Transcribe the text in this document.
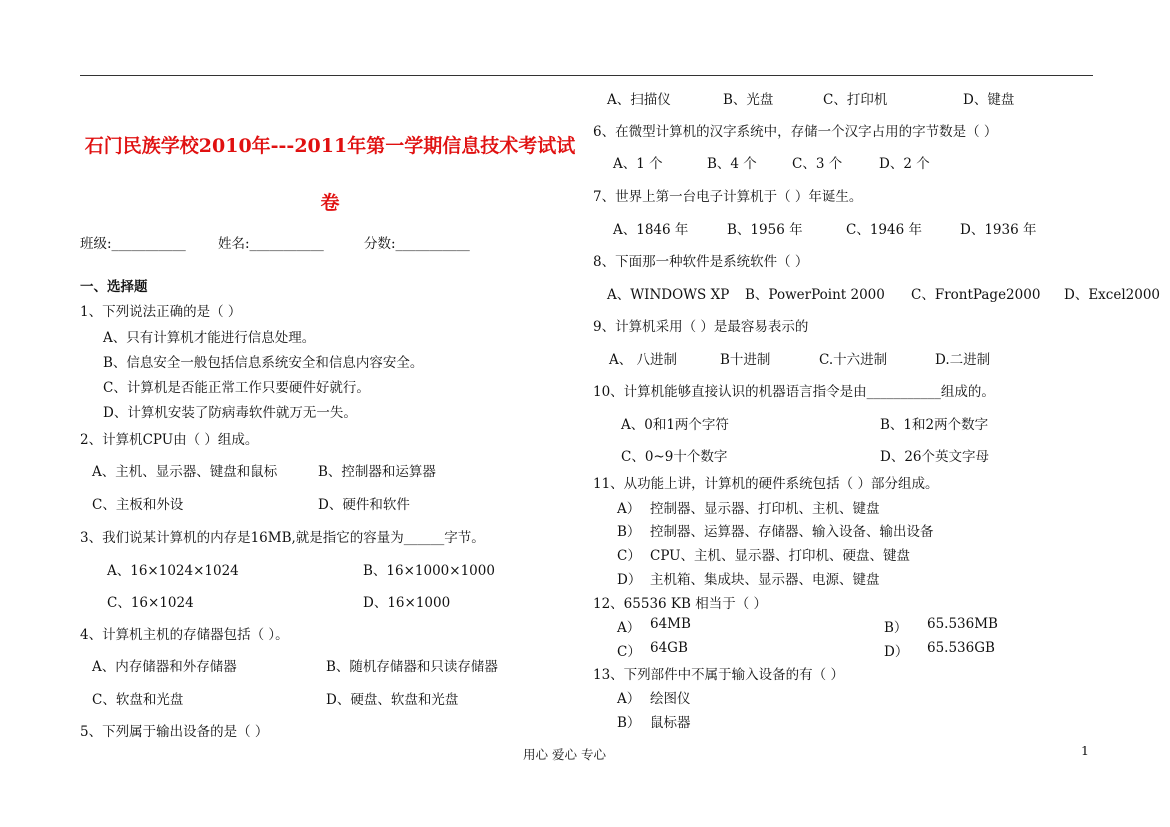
石门民族学校2010年---2011年第一学期信息技术考试试
卷
班级:___________ 姓名:___________	分数:___________
一、选择题
1、下列说法正确的是（ ）
A、只有计算机才能进行信息处理。
B、信息安全一般包括信息系统安全和信息内容安全。
C、计算机是否能正常工作只要硬件好就行。
D、计算机安装了防病毒软件就万无一失。
2、计算机CPU由（ ）组成。
A、主机、显示器、键盘和鼠标	B、控制器和运算器
C、主板和外设	D、硬件和软件
3、我们说某计算机的内存是16MB,就是指它的容量为______字节。
A、16×1024×1024	B、16×1000×1000
C、16×1024	D、16×1000
4、计算机主机的存储器包括（ ）。
A、内存储器和外存储器	B、随机存储器和只读存储器
C、软盘和光盘	D、硬盘、软盘和光盘
5、下列属于输出设备的是（ ）
A、扫描仪	B、光盘	C、打印机	D、键盘
6、在微型计算机的汉字系统中，存储一个汉字占用的字节数是（ ）
A、1 个	B、4 个	C、3 个	D、2 个
7、世界上第一台电子计算机于（ ）年诞生。
A、1846 年	B、1956 年	C、1946 年	D、1936 年
8、下面那一种软件是系统软件（ ）
A、WINDOWS XP B、PowerPoint 2000 C、FrontPage2000 D、Excel2000
9、计算机采用（ ）是最容易表示的
A、 八进制	B十进制	C.十六进制	D.二进制
10、计算机能够直接认识的机器语言指令是由___________组成的。
A、0和1两个字符	B、1和2两个数字
C、0~9十个数字	D、26个英文字母
11、从功能上讲，计算机的硬件系统包括（ ）部分组成。
A） 控制器、显示器、打印机、主机、键盘
B） 控制器、运算器、存储器、输入设备、输出设备
C） CPU、主机、显示器、打印机、硬盘、键盘
D） 主机箱、集成块、显示器、电源、键盘
12、65536 KB 相当于（ ）
A） 64MB	B） 65.536MB
C） 64GB	D） 65.536GB
13、下列部件中不属于输入设备的有（ ）
A） 绘图仪
B） 鼠标器
用心 爱心 专心	1
